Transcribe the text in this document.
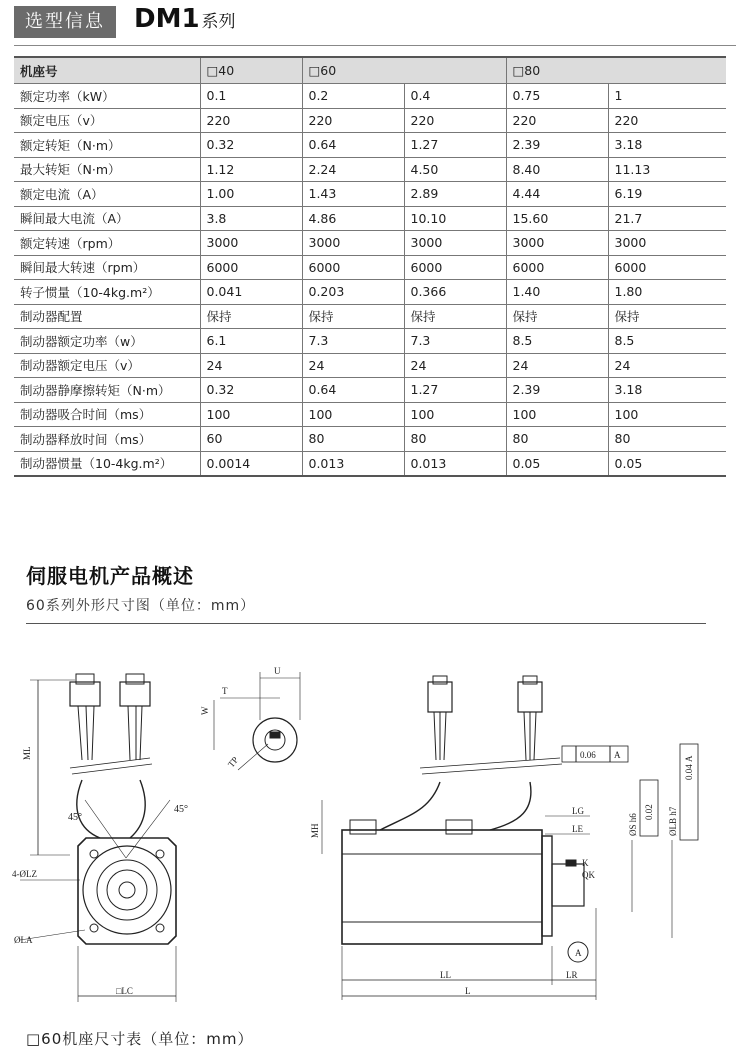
选型信息	DM1 系列
机座号	□40	□60		□80	
额定功率（kW）	0.1	0.2	0.4	0.75	1
额定电压（v）	220	220	220	220	220
额定转矩（N·m）	0.32	0.64	1.27	2.39	3.18
最大转矩（N·m）	1.12	2.24	4.50	8.40	11.13
额定电流（A）	1.00	1.43	2.89	4.44	6.19
瞬间最大电流（A）	3.8	4.86	10.10	15.60	21.7
额定转速（rpm）	3000	3000	3000	3000	3000
瞬间最大转速（rpm）	6000	6000	6000	6000	6000
转子惯量（10-4kg.m²）	0.041	0.203	0.366	1.40	1.80
制动器配置	保持	保持	保持	保持	保持
制动器额定功率（w）	6.1	7.3	7.3	8.5	8.5
制动器额定电压（v）	24	24	24	24	24
制动器静摩擦转矩（N·m）	0.32	0.64	1.27	2.39	3.18
制动器吸合时间（ms）	100	100	100	100	100
制动器释放时间（ms）	60	80	80	80	80
制动器惯量（10-4kg.m²）	0.0014	0.013	0.013	0.05	0.05
伺服电机产品概述
60系列外形尺寸图（单位：mm）
ML
45°
45°
4-ØLZ
ØLA
□LC
U
T
W
TP
MH
LG
LE
K
QK
0.06 A
0.02
0.04
A
ØS h6	ØLB h7
A
LL	LR
L
□60机座尺寸表（单位：mm）
